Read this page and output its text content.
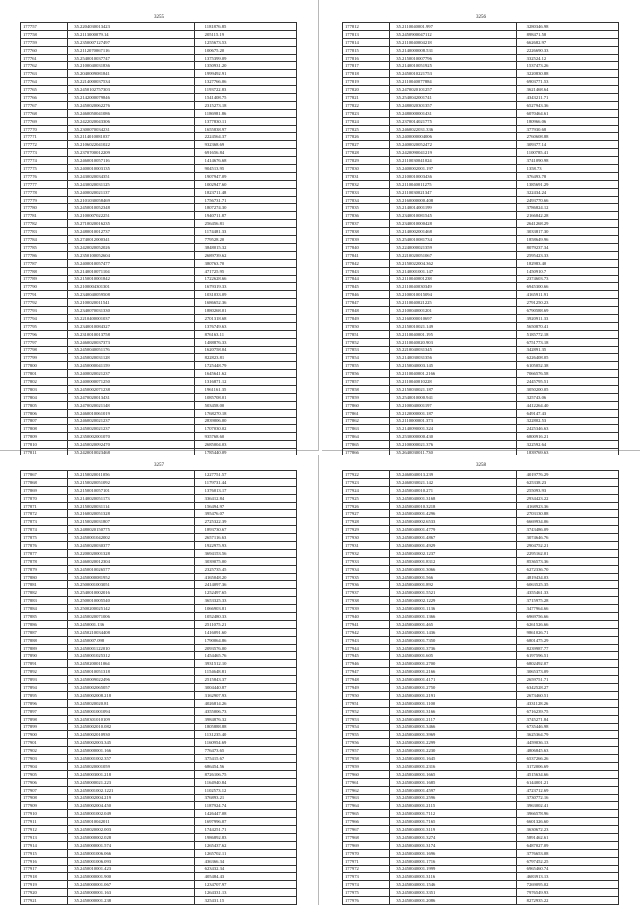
3255
177757	35.2204030013423	1181876.85
177758	35.2113000079.14	205115.19
177759	35.2350007127497	1255673.53
177760	35.2112070067116	100675.20
177761	35.2540010037747	1375399.09
177762	35.2100040031836	1350931.20
177763	35.2040009081841	1999492.91
177764	35.2214000037534	1327766.06
177765	35.2450102757303	1193722.83
177766	35.2142000079846	1541408.75
177767	35.2450020062276	2315273.18
177768	35.2460050041086	1186981.86
177769	35.2422020043306	1377830.11
177770	35.2300070034231	1655838.97
177771	35.2114010081037	2224564.37
177772	35.2106022041022	932368.69
177773	35.2370700012209	691656.84
177774	35.2460010057116	1414676.68
177775	35.2400010003135	904513.95
177776	35.2430020034351	1907947.09
177777	35.2430020031125	1002947.60
177778	35.2400020021137	1823711.48
177779	35.2101030058469	1756731.71
177780	35.2450010052348	1807274.30
177781	35.2100007022251	1940711.87
177782	35.2710020016235	256456.81
177783	35.2480010012737	1174481.33
177784	35.2740012000341	779528.20
177785	35.2420020052026	3848015.32
177786	35.2350100052604	2689739.62
177787	35.2400010057477	380763.70
177788	35.2140010071104	471725.95
177789	35.2150010001842	1722628.66
177790	35.2100004301301	1679319.33
177791	35.2340040059508	1031033.09
177792	35.2100020011541	1686652.36
177793	35.2340070031330	1880268.01
177794	35.2210400001037	2701318.68
177795	35.2340010084327	1376749.63
177796	35.2310010013758	876163.11
177797	35.2460020037373	1488876.33
177798	35.2450040051176	1620758.04
177799	35.2450020031128	822823.81
177800	35.2450000041159	1725448.79
177801	35.2400020021237	1645641.62
177802	35.2400000071250	1316871.12
177803	35.2450002071238	1961161.35
177804	35.2470020013431	1085708.01
177805	35.2470020021148	503458.00
177806	35.2460010061019	1768270.18
177807	35.2460020021237	2839006.00
177808	35.2450020021237	1707030.02
177809	35.2350002001070	935768.60
177810	35.2450020092470	2685004.03
177811	35.2420010023468	1785440.09
3256
177812	35.2110040001.997	3280346.98
177813	35.2450900047112	898471.58
177814	35.2110040004218	662682.97
177815	35.2140000008.531	2226690.33
177816	35.2150010007796	332524.12
177817	35.2140010051925	1537473.26
177818	35.2450010221753	3220830.88
177819	35.2110040077884	6903771.53
177820	35.2470020101257	3621468.64
177821	35.2540042001741	4343211.71
177822	35.2480020301357	6527943.36
177823	35.2480000001431	6070464.61
177824	35.2370014021775	180966.06
177825	35.2460022031.336	377930.68
177826	35.2400000004006	2760608.88
177827	35.2400020052472	309377.14
177828	35.2420090041219	1100785.41
177829	35.2110030041024	3741090.98
177830	35.2400002001.197	1358.73
177831	35.2100010003436	376493.78
177832	35.2110040011275	1385691.29
177833	35.2110030021347	322434.24
177834	35.2160000000.408	2493770.66
177835	35.2140014001199	3786824.12
177836	35.2340010081545	2166842.28
177837	35.2340010000428	2641268.29
177838	35.2140002001468	3033817.30
177839	35.2540010081734	1858649.96
177840	35.2240000021359	8079237.34
177841	35.2210020051067	2595423.33
177842	35.2150022004.362	182983.40
177843	35.2140001001.147	1450910.7
177844	35.2110040001238	2374603.73
177845	35.2110040030349	6945300.66
177846	35.2100010015094	4165911.91
177847	35.2110040021225	2791250.23
177848	35.2100040001201	6790588.69
177849	35.2160000010697	3920911.33
177850	35.2150010021.149	5650870.41
177851	35.2110040001.195	5185772.18
177852	35.2110040020.903	6751773.18
177853	35.2210040031345	342891.35
177854	35.2140030031356	6226408.05
177855	35.2150040003.145	6105052.38
177856	35.2110040001.2166	7066576.58
177857	35.2110040010228	2445795.51
177858	35.2150030021.187	3050200.05
177859	35.2540010000.941	325743.06
177860	35.2100040001197	4412264.40
177861	35.2120000001.187	649147.43
177862	35.2110000001.373	322802.53
177863	35.2140090001.324	2425346.63
177864	35.2530000000.430	6800916.21
177865	35.2100000021.376	322592.64
177866	35.2640030011.730	1839769.63
3257
177867	35.2150020011056	1227751.57
177868	35.2150020051092	1179731.44
177869	35.2150010057101	1376013.17
177870	35.2140020051173	336412.84
177871	35.2150020031114	156494.97
177872	35.2160020051328	395476.07
177873	35.2150020031807	2725322.39
177874	35.2480020150775	1893730.67
177875	35.2450001042002	2657116.63
177876	35.2450020030377	1922975.93
177877	35.2200020001328	3694153.56
177878	35.2460020012304	3039075.00
177879	35.2450010026577	2325735.45
177880	35.2450000081952	4165048.20
177881	35.2500001003051	2414097.36
177882	35.2540010002016	1252497.65
177883	35.2500010005540	3653325.33
177884	35.2500200025142	1066903.81
177885	35.2450020071006	1052480.33
177886	35.2450001.136	2511075.21
177887	35.2450210034408	1416091.60
177888	35.2450007.098	1790064.86
177889	35.2450001122010	2093576.00
177890	35.2450001025312	1454465.76
177891	35.2450200011064	3931512.10
177892	35.2450010051318	1154648.81
177893	35.2450009022496	2515843.37
177894	35.2450002065057	3004440.87
177895	35.2450002008.218	3162907.93
177896	35.2450020020.81	4026814.26
177897	35.2450001001094	4355006.73
177898	35.2450301010109	3984876.32
177899	35.2450002010.082	1805888.88
177900	35.2450002010930	1131235.40
177901	35.2450002003.345	1160954.69
177902	35.2450000001.166	776473.65
177903	35.2450001002.357	375415.67
177904	35.2450020001059	686454.56
177905	35.2450003001.218	8726106.75
177906	35.2450000021.223	1164940.84
177907	35.2450001002.1221	1102573.12
177908	35.2450002004.219	376893.21
177909	35.2450002004.450	1187924.74
177910	35.2450001002.049	1426447.08
177911	35.2450010042011	1697996.07
177912	35.2450020002.003	1744251.71
177913	35.2450000002.028	1986892.83
177914	35.2450000001.574	1265437.62
177915	35.2450001006.066	1265702.11
177916	35.2450001006.093	436366.34
177917	35.2450010001.423	623432.34
177918	35.2450000001.900	405484.43
177919	35.2450000001.067	1234707.97
177920	35.2450000001.163	1264331.13
177921	35.2450000001.238	325431.15
3258
177922	35.2460040013.239	4019776.29
177923	35.2460030021.142	625338.23
177924	35.2450040010.271	255093.93
177925	35.2450040001.3168	2934423.22
177926	35.2450040010.3218	4168923.36
177927	35.2450040001.4296	2703130.88
177928	35.2450040002.6533	6669934.06
177929	35.2450040001.4779	3743486.09
177930	35.2450040001.4867	3074646.76
177931	35.2450040001.4929	2904752.21
177932	35.2450040002.1237	2295162.01
177933	35.2450040001.8312	8536573.36
177934	35.2450040001.3066	6272336.70
177935	35.2450040001.566	4819434.03
177936	35.2450040001.892	6063525.35
177937	35.2450040001.5521	4355461.33
177938	35.2450040002.1229	3715975.28
177939	35.2450040001.1136	3477964.66
177940	35.2450040001.1366	6969756.66
177941	35.2450040001.465	6261526.66
177942	35.2450040001.1436	9861026.71
177943	35.2450040001.7350	6801475.29
177944	35.2450040001.3736	8239987.77
177945	35.2450040001.605	6197596.51
177946	35.2450040001.2700	6802492.07
177947	35.2450040001.2166	3065373.09
177948	35.2450040001.4171	2659751.71
177949	35.2450040001.2750	6342528.27
177950	35.2450040001.2191	2673460.51
177951	35.2450040001.1100	4331128.26
177952	35.2450040001.3166	6716239.75
177953	35.2450040001.2117	3745271.84
177954	35.2450040001.3466	6735446.98
177955	35.2450040001.3969	3625364.79
177956	35.2450040001.2299	4459036.13
177957	35.2450040001.2230	4806845.63
177958	35.2450040001.1645	6537266.26
177959	35.2450040001.2316	3172006.69
177960	35.2450040001.1665	4515634.66
177961	35.2450040001.1685	6144001.21
177962	35.2450040001.4597	4723712.69
177963	35.2450040001.2596	3730772.16
177964	35.2450040001.2115	3963002.41
177965	35.2450040001.7112	3966578.96
177966	35.2450040001.7165	6601326.60
177967	35.2450040001.3119	3630672.23
177968	35.2450040001.3274	5891462.61
177969	35.2450040001.3174	6487027.09
177970	35.2450040001.1696	3776653.08
177971	35.2450040001.1716	6797452.25
177972	35.2450040001.1999	6965460.74
177973	35.2450040001.3116	4683913.13
177974	35.2450040001.1546	7269095.02
177975	35.2450040001.3351	7976549.93
177976	35.2450040001.2086	8272935.22
